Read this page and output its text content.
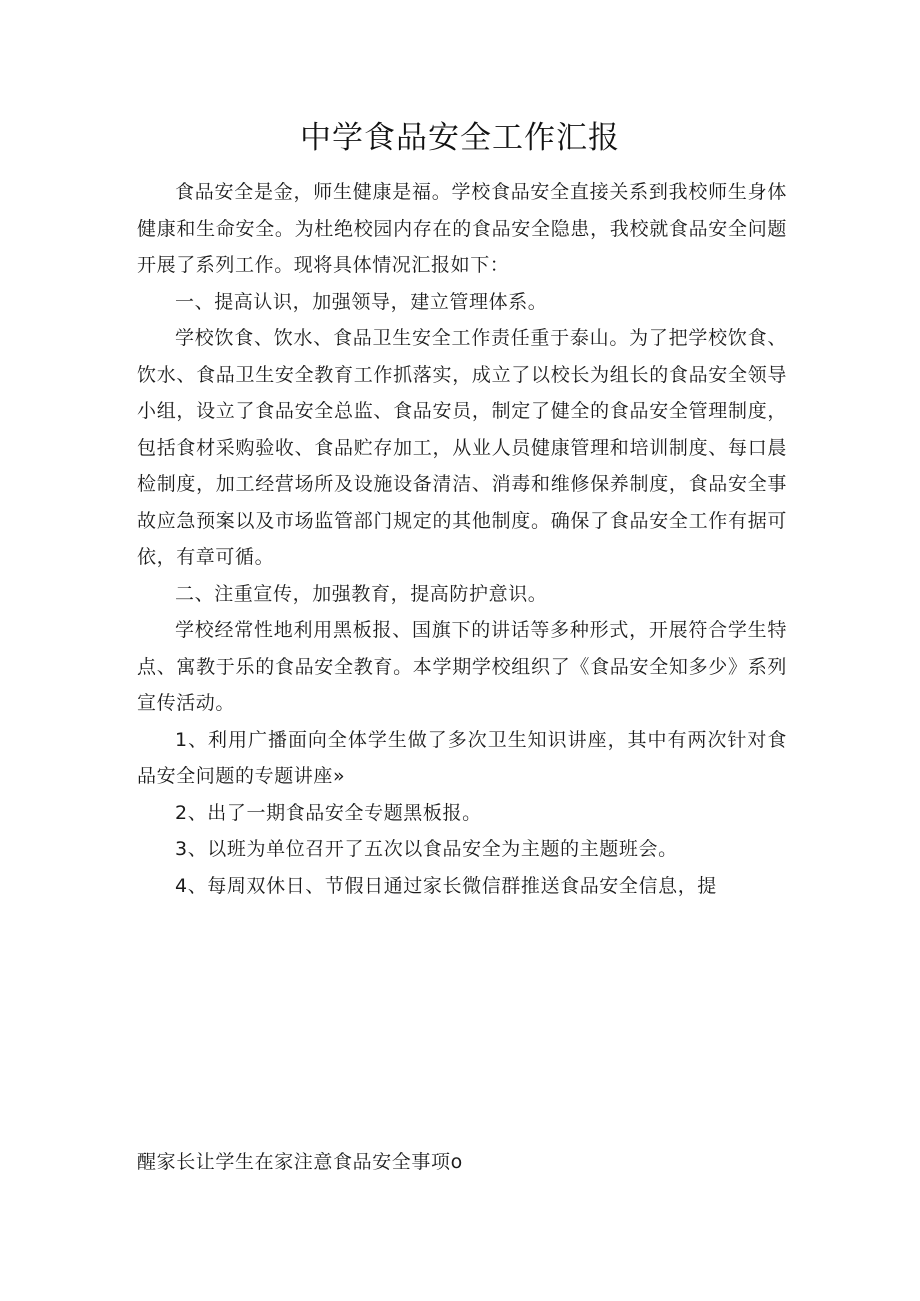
中学食品安全工作汇报

食品安全是金，师生健康是福。学校食品安全直接关系到我校师生身体健康和生命安全。为杜绝校园内存在的食品安全隐患，我校就食品安全问题开展了系列工作。现将具体情况汇报如下：

一、提高认识，加强领导，建立管理体系。

学校饮食、饮水、食品卫生安全工作责任重于泰山。为了把学校饮食、饮水、食品卫生安全教育工作抓落实，成立了以校长为组长的食品安全领导小组，设立了食品安全总监、食品安员，制定了健全的食品安全管理制度，包括食材采购验收、食品贮存加工，从业人员健康管理和培训制度、每口晨检制度，加工经营场所及设施设备清洁、消毒和维修保养制度，食品安全事故应急预案以及市场监管部门规定的其他制度。确保了食品安全工作有据可依，有章可循。

二、注重宣传，加强教育，提高防护意识。

学校经常性地利用黑板报、国旗下的讲话等多种形式，开展符合学生特点、寓教于乐的食品安全教育。本学期学校组织了《食品安全知多少》系列宣传活动。

1、利用广播面向全体学生做了多次卫生知识讲座，其中有两次针对食品安全问题的专题讲座»

2、出了一期食品安全专题黑板报。

3、以班为单位召开了五次以食品安全为主题的主题班会。

4、每周双休日、节假日通过家长微信群推送食品安全信息，提

醒家长让学生在家注意食品安全事项o
